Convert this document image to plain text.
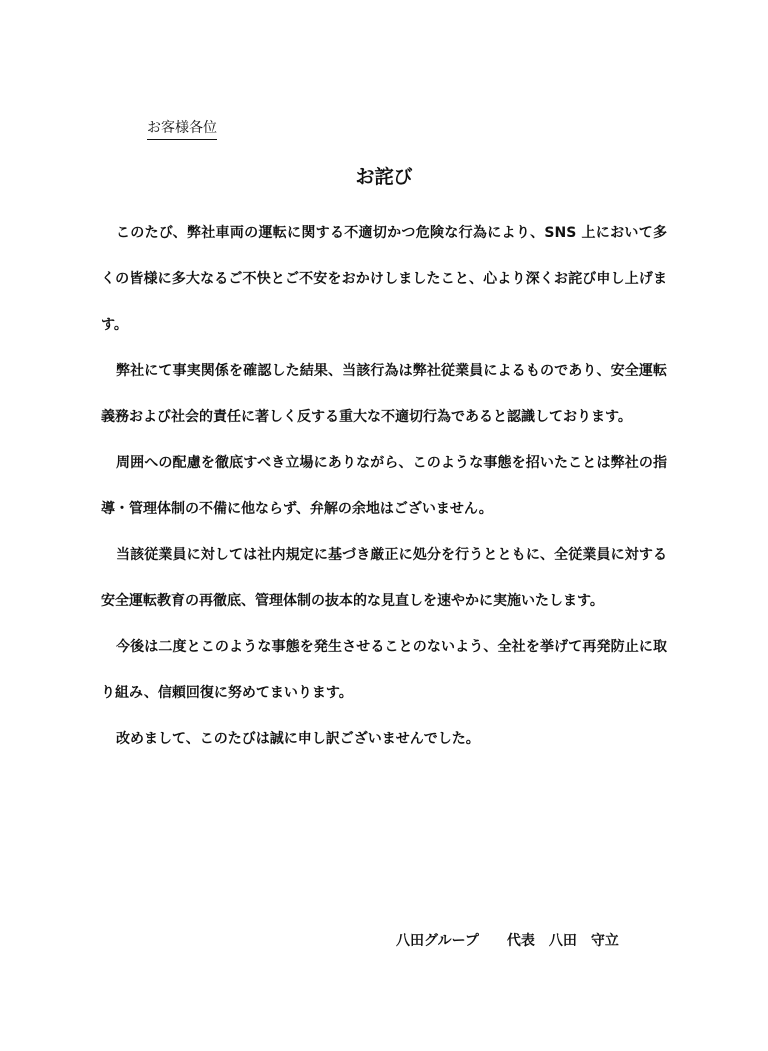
お客様各位
お詫び

このたび、弊社車両の運転に関する不適切かつ危険な行為により、SNS 上において多くの皆様に多大なるご不快とご不安をおかけしましたこと、心より深くお詫び申し上げます。

弊社にて事実関係を確認した結果、当該行為は弊社従業員によるものであり、安全運転義務および社会的責任に著しく反する重大な不適切行為であると認識しております。

周囲への配慮を徹底すべき立場にありながら、このような事態を招いたことは弊社の指導・管理体制の不備に他ならず、弁解の余地はございません。

当該従業員に対しては社内規定に基づき厳正に処分を行うとともに、全従業員に対する安全運転教育の再徹底、管理体制の抜本的な見直しを速やかに実施いたします。

今後は二度とこのような事態を発生させることのないよう、全社を挙げて再発防止に取り組み、信頼回復に努めてまいります。

改めまして、このたびは誠に申し訳ございませんでした。

八田グループ　　代表　八田　守立
